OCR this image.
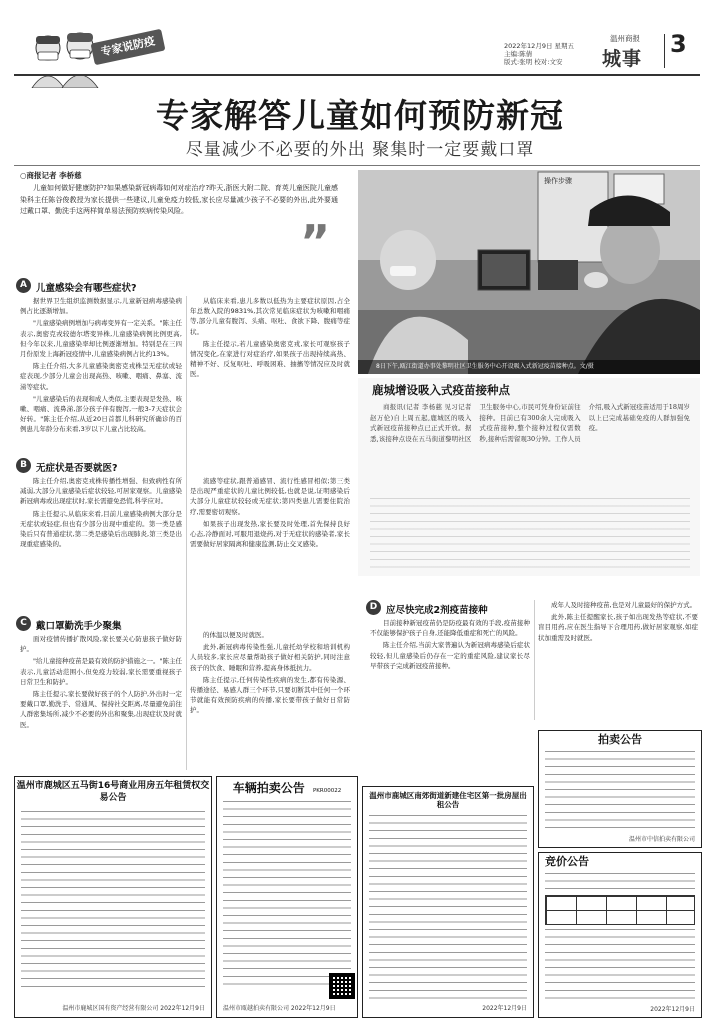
专家说防疫	2022年12月9日 星期五
主编:陈倩
版式:张明 校对:文安
温州商报
城事
3
专家解答儿童如何预防新冠
尽量减少不必要的外出 聚集时一定要戴口罩
○商报记者 李桥慈

儿童如何做好健康防护?如果感染新冠病毒如何对症治疗?昨天,浙医大附二院、育英儿童医院儿童感染科主任陈谷俊教授为家长提供一些建议,儿童免疫力较低,家长应尽量减少孩子不必要的外出,此外要通过戴口罩、勤洗手这两样简单易法预防疾病传染风险。

”
操作步骤
8日下午,瓯江街道办事处黎明社区卫生服务中心开设吸入式新冠疫苗接种点。文/摄
鹿城增设吸入式疫苗接种点

商报讯(记者 李杨慈 见习记者 赵万伦)自上周五起,鹿城区的吸入式新冠疫苗接种点已正式开放。据悉,该接种点设在五马街道黎明社区卫生服务中心,市民可凭身份证前往接种。目前已有300余人完成吸入式疫苗接种,整个接种过程仅需数秒,接种后需留观30分钟。工作人员介绍,吸入式新冠疫苗适用于18周岁以上已完成基础免疫的人群加强免疫。

A 儿童感染会有哪些症状?

据世界卫生组织监测数据显示,儿童新冠病毒感染病例占比逐渐增加。

"儿童感染病例增加与病毒变异有一定关系。"陈主任表示,奥密克戎较德尔塔变异株,儿童感染病例比例更高,但今年以来,儿童感染率却比例逐渐增加。特别是在三四月份原发上海新冠疫情中,儿童感染病例占比约13%。

陈主任介绍,大多儿童感染奥密克戎株呈无症状或轻症表现,少部分儿童会出现高热、咳嗽、咽痛、鼻塞、流涕等症状。

"儿童感染后的表现和成人类似,主要表现是发热、咳嗽、咽痛、流鼻涕,部分孩子伴有腹泻,一般3-7天症状会好转。"陈主任介绍,从近20日首都儿科研究所确诊的百例患儿年龄分布来看,3岁以下儿童占比较高。

从临床来看,患儿多数以低热为主要症状原因,占全年总数入院的9831%,其次常见临床症状为咳嗽和咽痛等,部分儿童有腹泻、头痛、呕吐、食欲下降、腹痛等症状。

陈主任提示,若儿童感染奥密克戎,家长可观察孩子情况变化,在家进行对症治疗,如果孩子出现持续高热、精神不好、反复呕吐、呼吸困难、抽搐等情况应及时就医。

B 无症状是否要就医?

陈主任介绍,奥密克戎株传播性增强、但致病性有所减弱,大部分儿童感染后症状较轻,可居家观察。儿童感染新冠病毒或出现症状时,家长需避免恐慌,科学应对。

陈主任提示,从临床来看,目前儿童感染病例大部分是无症状或轻症,但也有少部分出现中重症的。第一类是感染后只有普通症状,第二类是感染后出现肺炎,第三类是出现重症感染的。

流感等症状,跟普通感冒、流行性感冒相似;第三类是出现严重症状的儿童比例较低,也就是说,证明感染后大部分儿童症状较轻或无症状;第四类患儿需要住院治疗,需要密切观察。

如果孩子出现发热,家长要及时处理,首先保持良好心态,冷静面对,可服用退烧药,对于无症状的感染者,家长需要做好居家隔离和健康监测,防止交叉感染。

C 戴口罩勤洗手少聚集

面对疫情传播扩散风险,家长要关心防患孩子做好防护。

"给儿童接种疫苗是最有效的防护措施之一。"陈主任表示,儿童活动范围小,但免疫力较弱,家长需要重视孩子日常卫生和防护。

陈主任提示,家长要做好孩子的个人防护,外出时一定要戴口罩,勤洗手、常通风、保持社交距离,尽量避免前往人群密集场所,减少不必要的外出和聚集,出现症状及时就医。

的体温以便及时就医。

此外,新冠病毒传染性强,儿童托幼学校和培训机构人员较多,家长应尽量帮助孩子做好相关防护,同时注意孩子的饮食、睡眠和营养,提高身体抵抗力。

陈主任提示,任何传染性疾病的发生,都有传染源、传播途径、易感人群三个环节,只要切断其中任何一个环节就能有效预防疾病的传播,家长要带孩子做好日常防护。

D 应尽快完成2剂疫苗接种

目前接种新冠疫苗仍是防疫最有效的手段,疫苗接种不仅能够保护孩子自身,还能降低重症和死亡的风险。

陈主任介绍,当前大家普遍认为新冠病毒感染后症状较轻,但儿童感染后仍存在一定的重症风险,建议家长尽早带孩子完成新冠疫苗接种。

成年人及时接种疫苗,也是对儿童最好的保护方式。

此外,陈主任提醒家长,孩子如出现发热等症状,不要盲目用药,应在医生指导下合理用药,做好居家观察,如症状加重需及时就医。

温州市鹿城区五马街16号商业用房五年租赁权交易公告
温州市鹿城区国有资产经营有限公司 2022年12月9日
车辆拍卖公告 PKR00022
温州市瓯越拍卖有限公司 2022年12月9日
温州市鹿城区南郊街道新建住宅区第一批房屋出租公告
2022年12月9日
拍卖公告
温州市中信拍卖有限公司
竞价公告
2022年12月9日
